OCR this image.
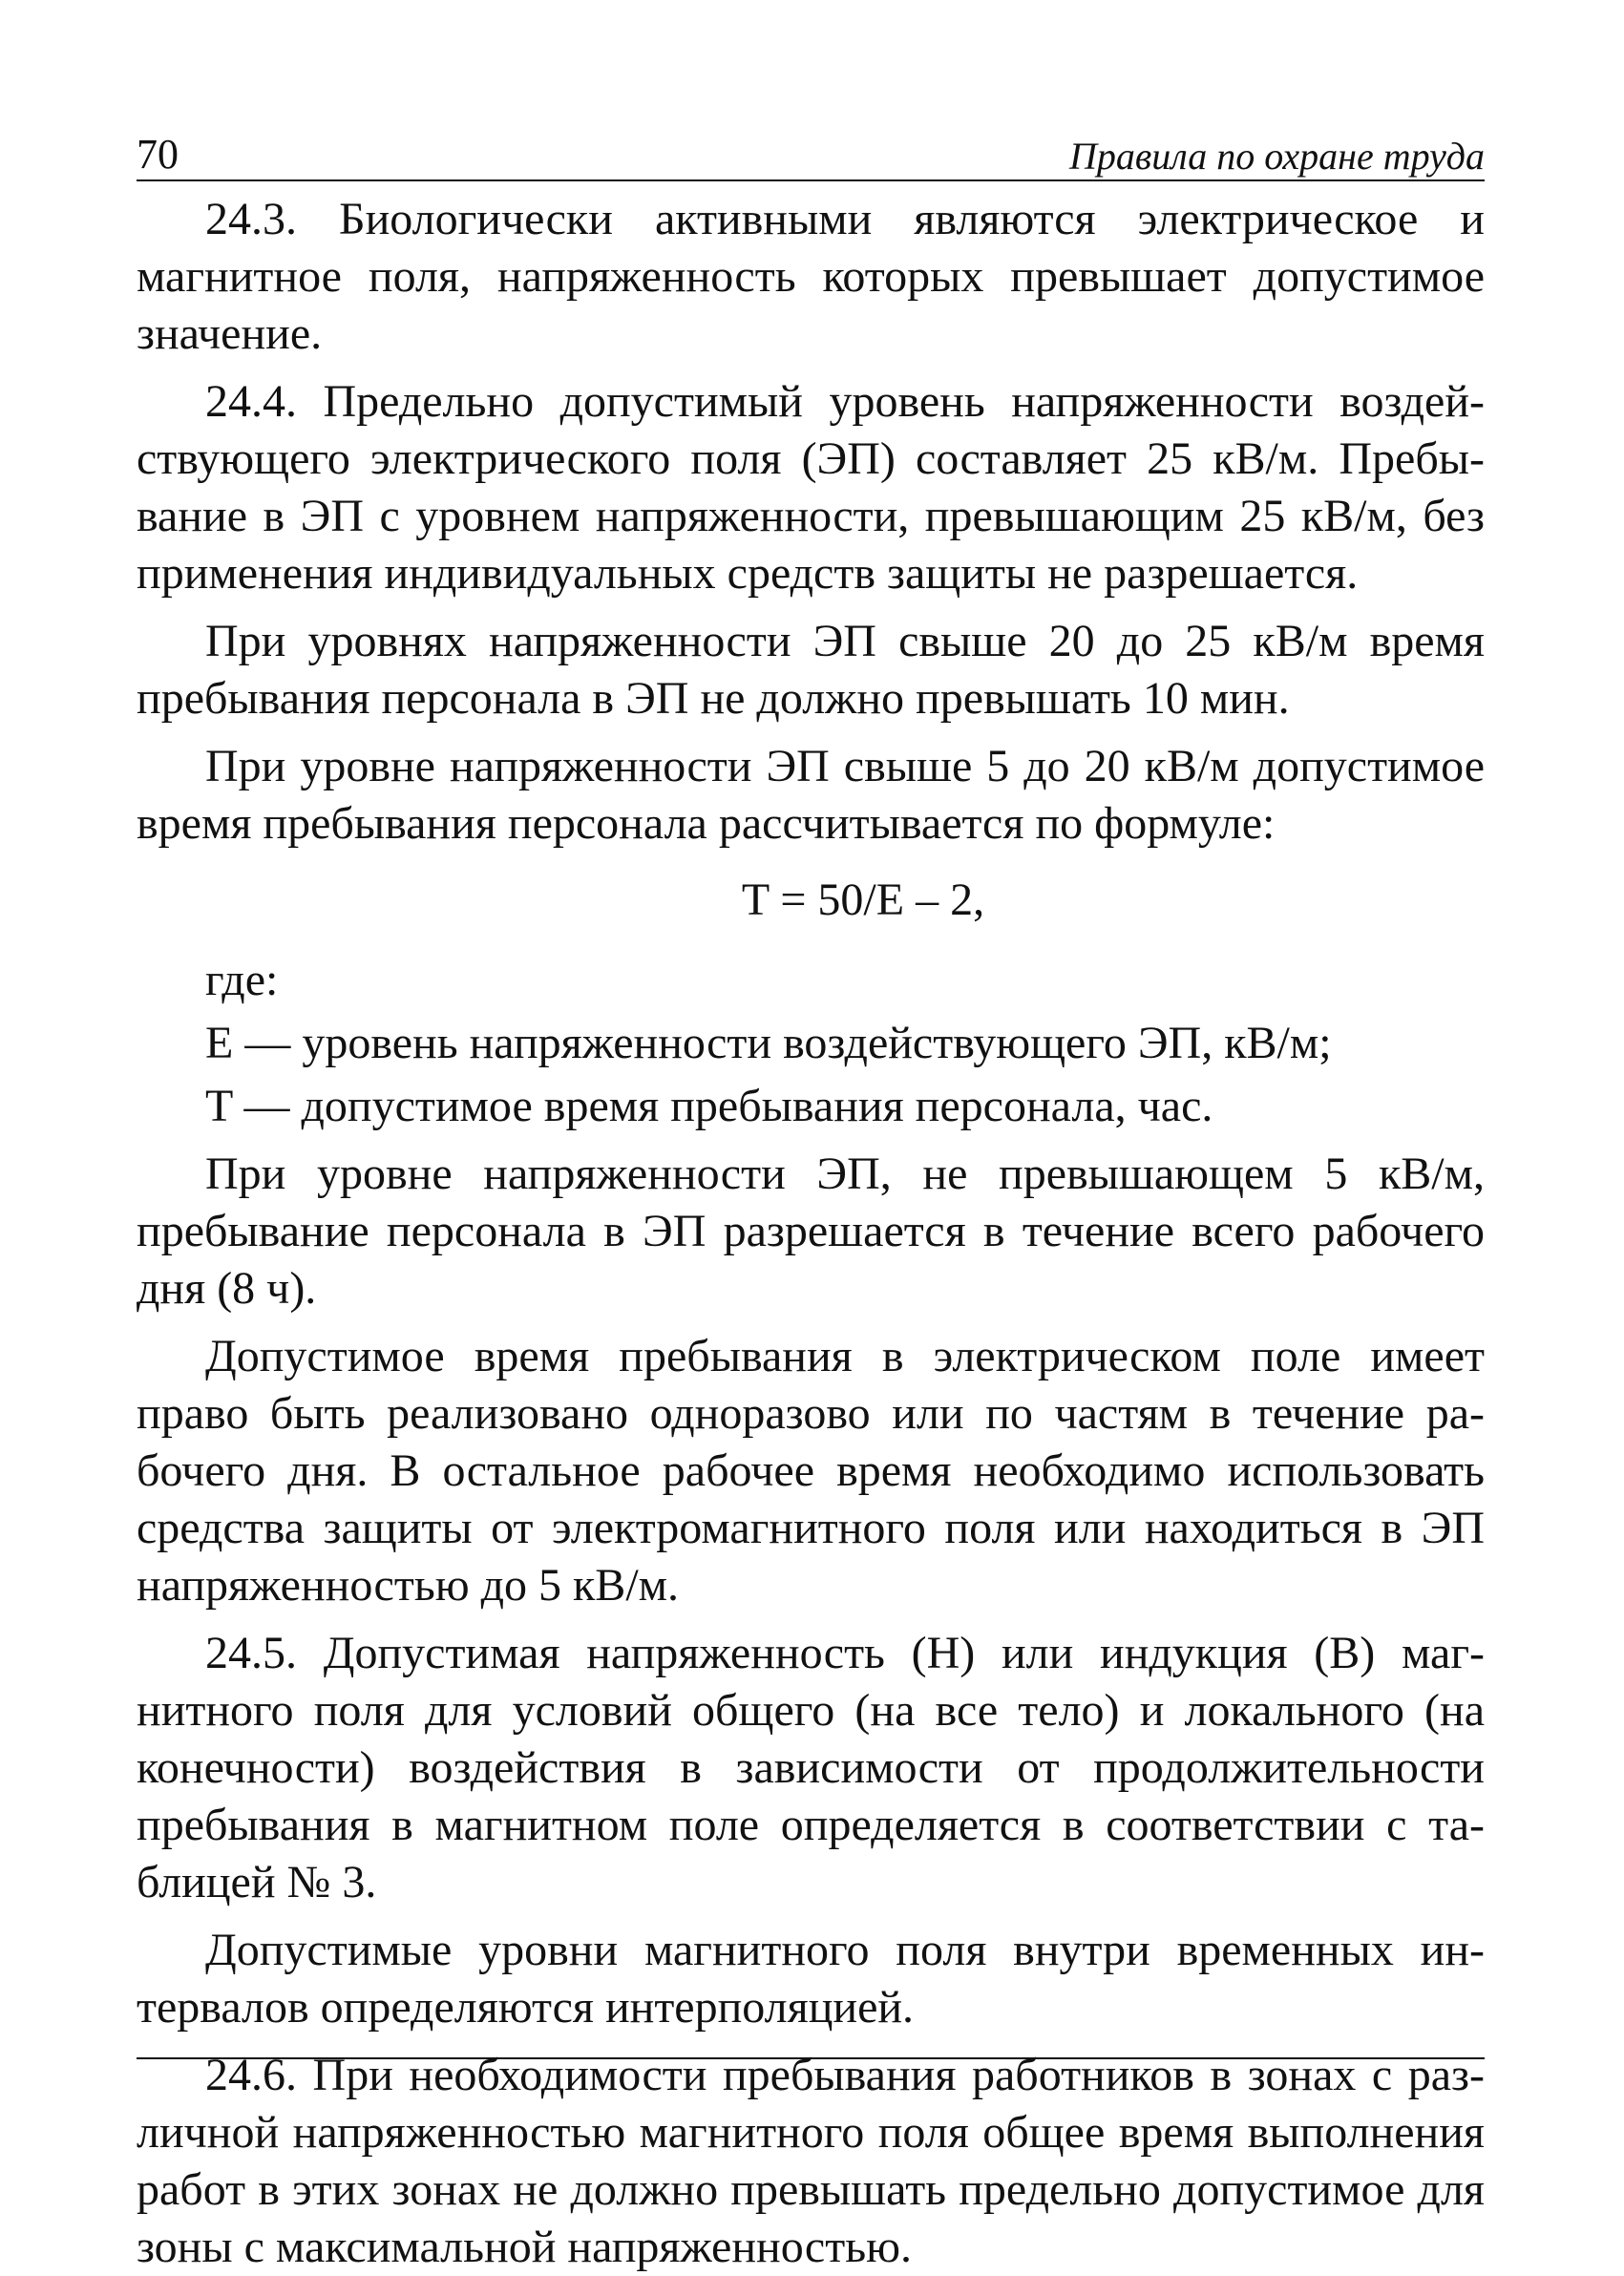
70	Правила по охране труда

24.3. Биологически активными являются электрическое и магнитное поля, напряженность которых превышает допустимое значение.

24.4. Предельно допустимый уровень напряженности воздействующего электрического поля (ЭП) составляет 25 кВ/м. Пребывание в ЭП с уровнем напряженности, превышающим 25 кВ/м, без применения индивидуальных средств защиты не разрешается.

При уровнях напряженности ЭП свыше 20 до 25 кВ/м время пребывания персонала в ЭП не должно превышать 10 мин.

При уровне напряженности ЭП свыше 5 до 20 кВ/м допустимое время пребывания персонала рассчитывается по формуле:

T = 50/E – 2,

где:

E — уровень напряженности воздействующего ЭП, кВ/м;

T — допустимое время пребывания персонала, час.

При уровне напряженности ЭП, не превышающем 5 кВ/м, пребывание персонала в ЭП разрешается в течение всего рабочего дня (8 ч).

Допустимое время пребывания в электрическом поле имеет право быть реализовано одноразово или по частям в течение рабочего дня. В остальное рабочее время необходимо использовать средства защиты от электромагнитного поля или находиться в ЭП напряженностью до 5 кВ/м.

24.5. Допустимая напряженность (Н) или индукция (В) магнитного поля для условий общего (на все тело) и локального (на конечности) воздействия в зависимости от продолжительности пребывания в магнитном поле определяется в соответствии с таблицей № 3.

Допустимые уровни магнитного поля внутри временных интервалов определяются интерполяцией.

24.6. При необходимости пребывания работников в зонах с различной напряженностью магнитного поля общее время выполнения работ в этих зонах не должно превышать предельно допустимое для зоны с максимальной напряженностью.
